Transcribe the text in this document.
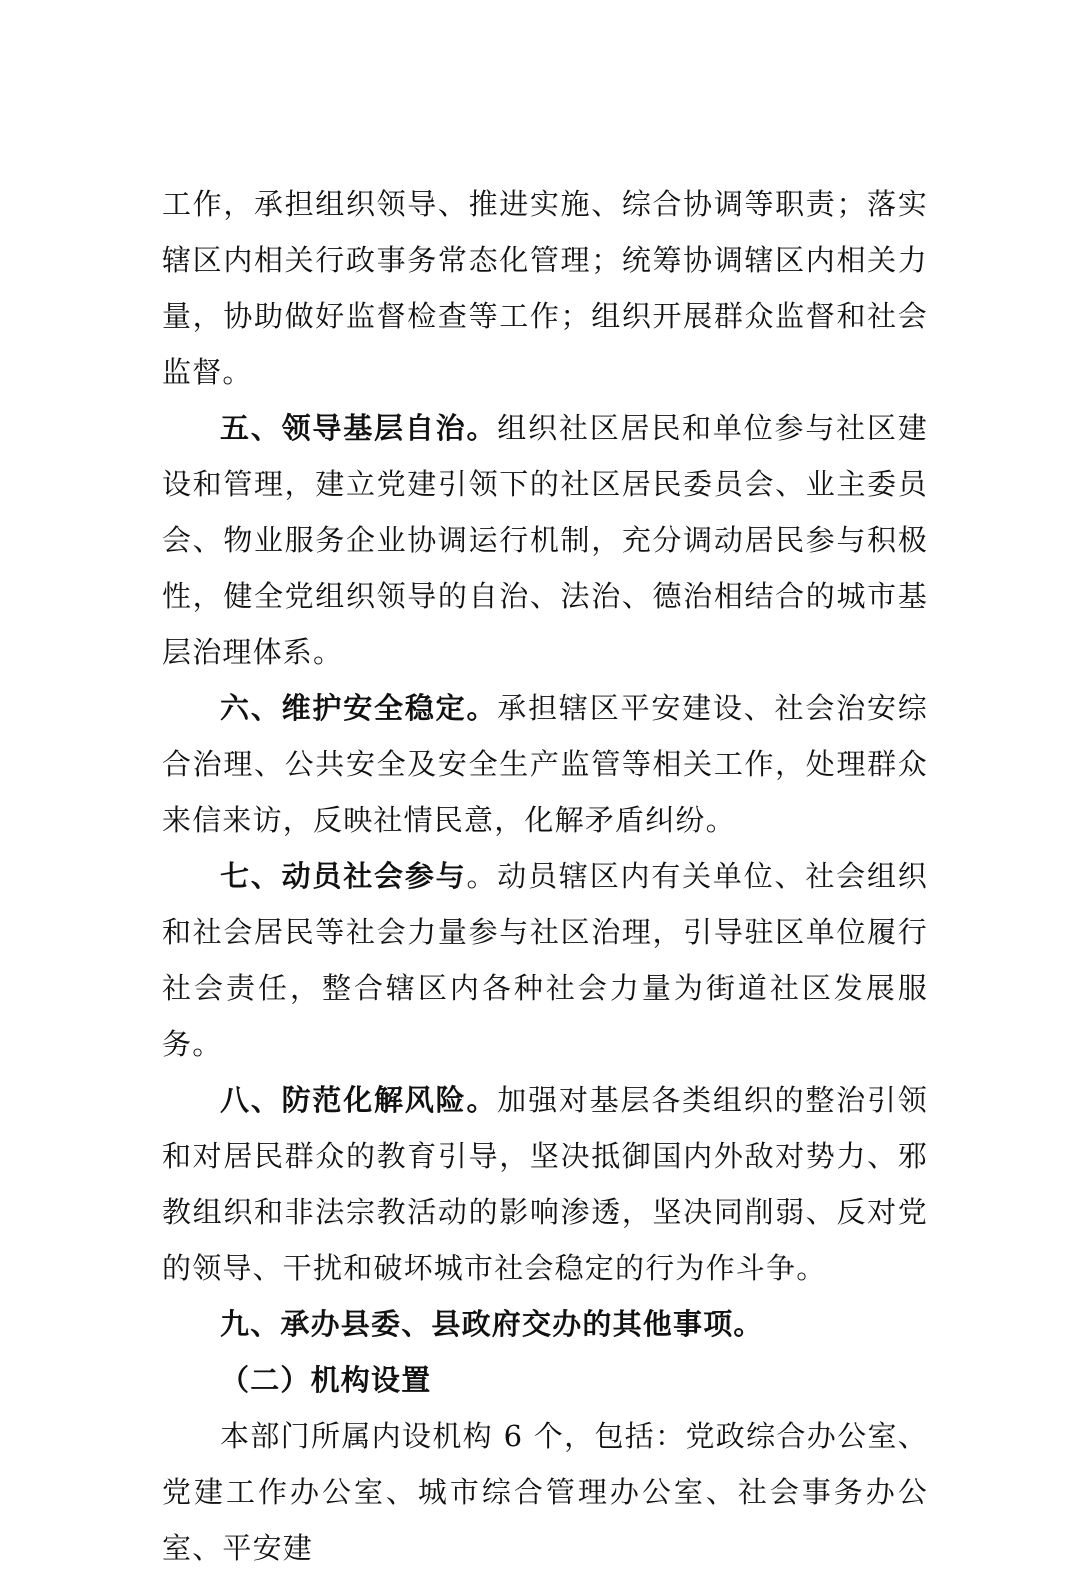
工作，承担组织领导、推进实施、综合协调等职责；落实辖区内相关行政事务常态化管理；统筹协调辖区内相关力量，协助做好监督检查等工作；组织开展群众监督和社会监督。

五、领导基层自治。组织社区居民和单位参与社区建设和管理，建立党建引领下的社区居民委员会、业主委员会、物业服务企业协调运行机制，充分调动居民参与积极性，健全党组织领导的自治、法治、德治相结合的城市基层治理体系。

六、维护安全稳定。承担辖区平安建设、社会治安综合治理、公共安全及安全生产监管等相关工作，处理群众来信来访，反映社情民意，化解矛盾纠纷。

七、动员社会参与。动员辖区内有关单位、社会组织和社会居民等社会力量参与社区治理，引导驻区单位履行社会责任，整合辖区内各种社会力量为街道社区发展服务。

八、防范化解风险。加强对基层各类组织的整治引领和对居民群众的教育引导，坚决抵御国内外敌对势力、邪教组织和非法宗教活动的影响渗透，坚决同削弱、反对党的领导、干扰和破坏城市社会稳定的行为作斗争。

九、承办县委、县政府交办的其他事项。

（二）机构设置

本部门所属内设机构 6 个，包括：党政综合办公室、党建工作办公室、城市综合管理办公室、社会事务办公室、平安建
